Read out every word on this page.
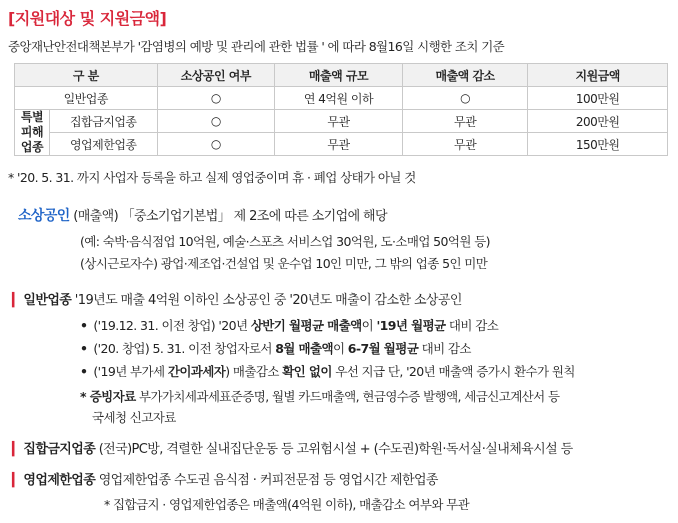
[지원대상 및 지원금액]
중앙재난안전대책본부가 '감염병의 예방 및 관리에 관한 법률 ' 에 따라 8월16일 시행한 조치 기준
구 분		소상공인 여부	매출액 규모	매출액 감소	지원금액
일반업종		○	연 4억원 이하	○	100만원
특별 피해 업종	집합금지업종	○	무관	무관	200만원
	영업제한업종	○	무관	무관	150만원
* '20. 5. 31. 까지 사업자 등록을 하고 실제 영업중이며 휴 · 폐업 상태가 아닐 것
소상공인 (매출액) 「중소기업기본법」 제 2조에 따른 소기업에 해당
(예: 숙박·음식점업 10억원, 예술·스포츠 서비스업 30억원, 도·소매업 50억원 등)
(상시근로자수) 광업·제조업·건설업 및 운수업 10인 미만, 그 밖의 업종 5인 미만
▎ 일반업종 '19년도 매출 4억원 이하인 소상공인 중 '20년도 매출이 감소한 소상공인
• ('19.12. 31. 이전 창업) '20년 상반기 월평균 매출액이 '19년 월평균 대비 감소
• ('20. 창업) 5. 31. 이전 창업자로서 8월 매출액이 6-7월 월평균 대비 감소
• ('19년 부가세 간이과세자) 매출감소 확인 없이 우선 지급 단, '20년 매출액 증가시 환수가 원칙
* 증빙자료 부가가치세과세표준증명, 월별 카드매출액, 현금영수증 발행액, 세금신고계산서 등
국세청 신고자료
▎ 집합금지업종 (전국)PC방, 격렬한 실내집단운동 등 고위험시설 + (수도권)학원·독서실·실내체육시설 등
▎ 영업제한업종 영업제한업종 수도권 음식점 · 커피전문점 등 영업시간 제한업종
* 집합금지 · 영업제한업종은 매출액(4억원 이하), 매출감소 여부와 무관
